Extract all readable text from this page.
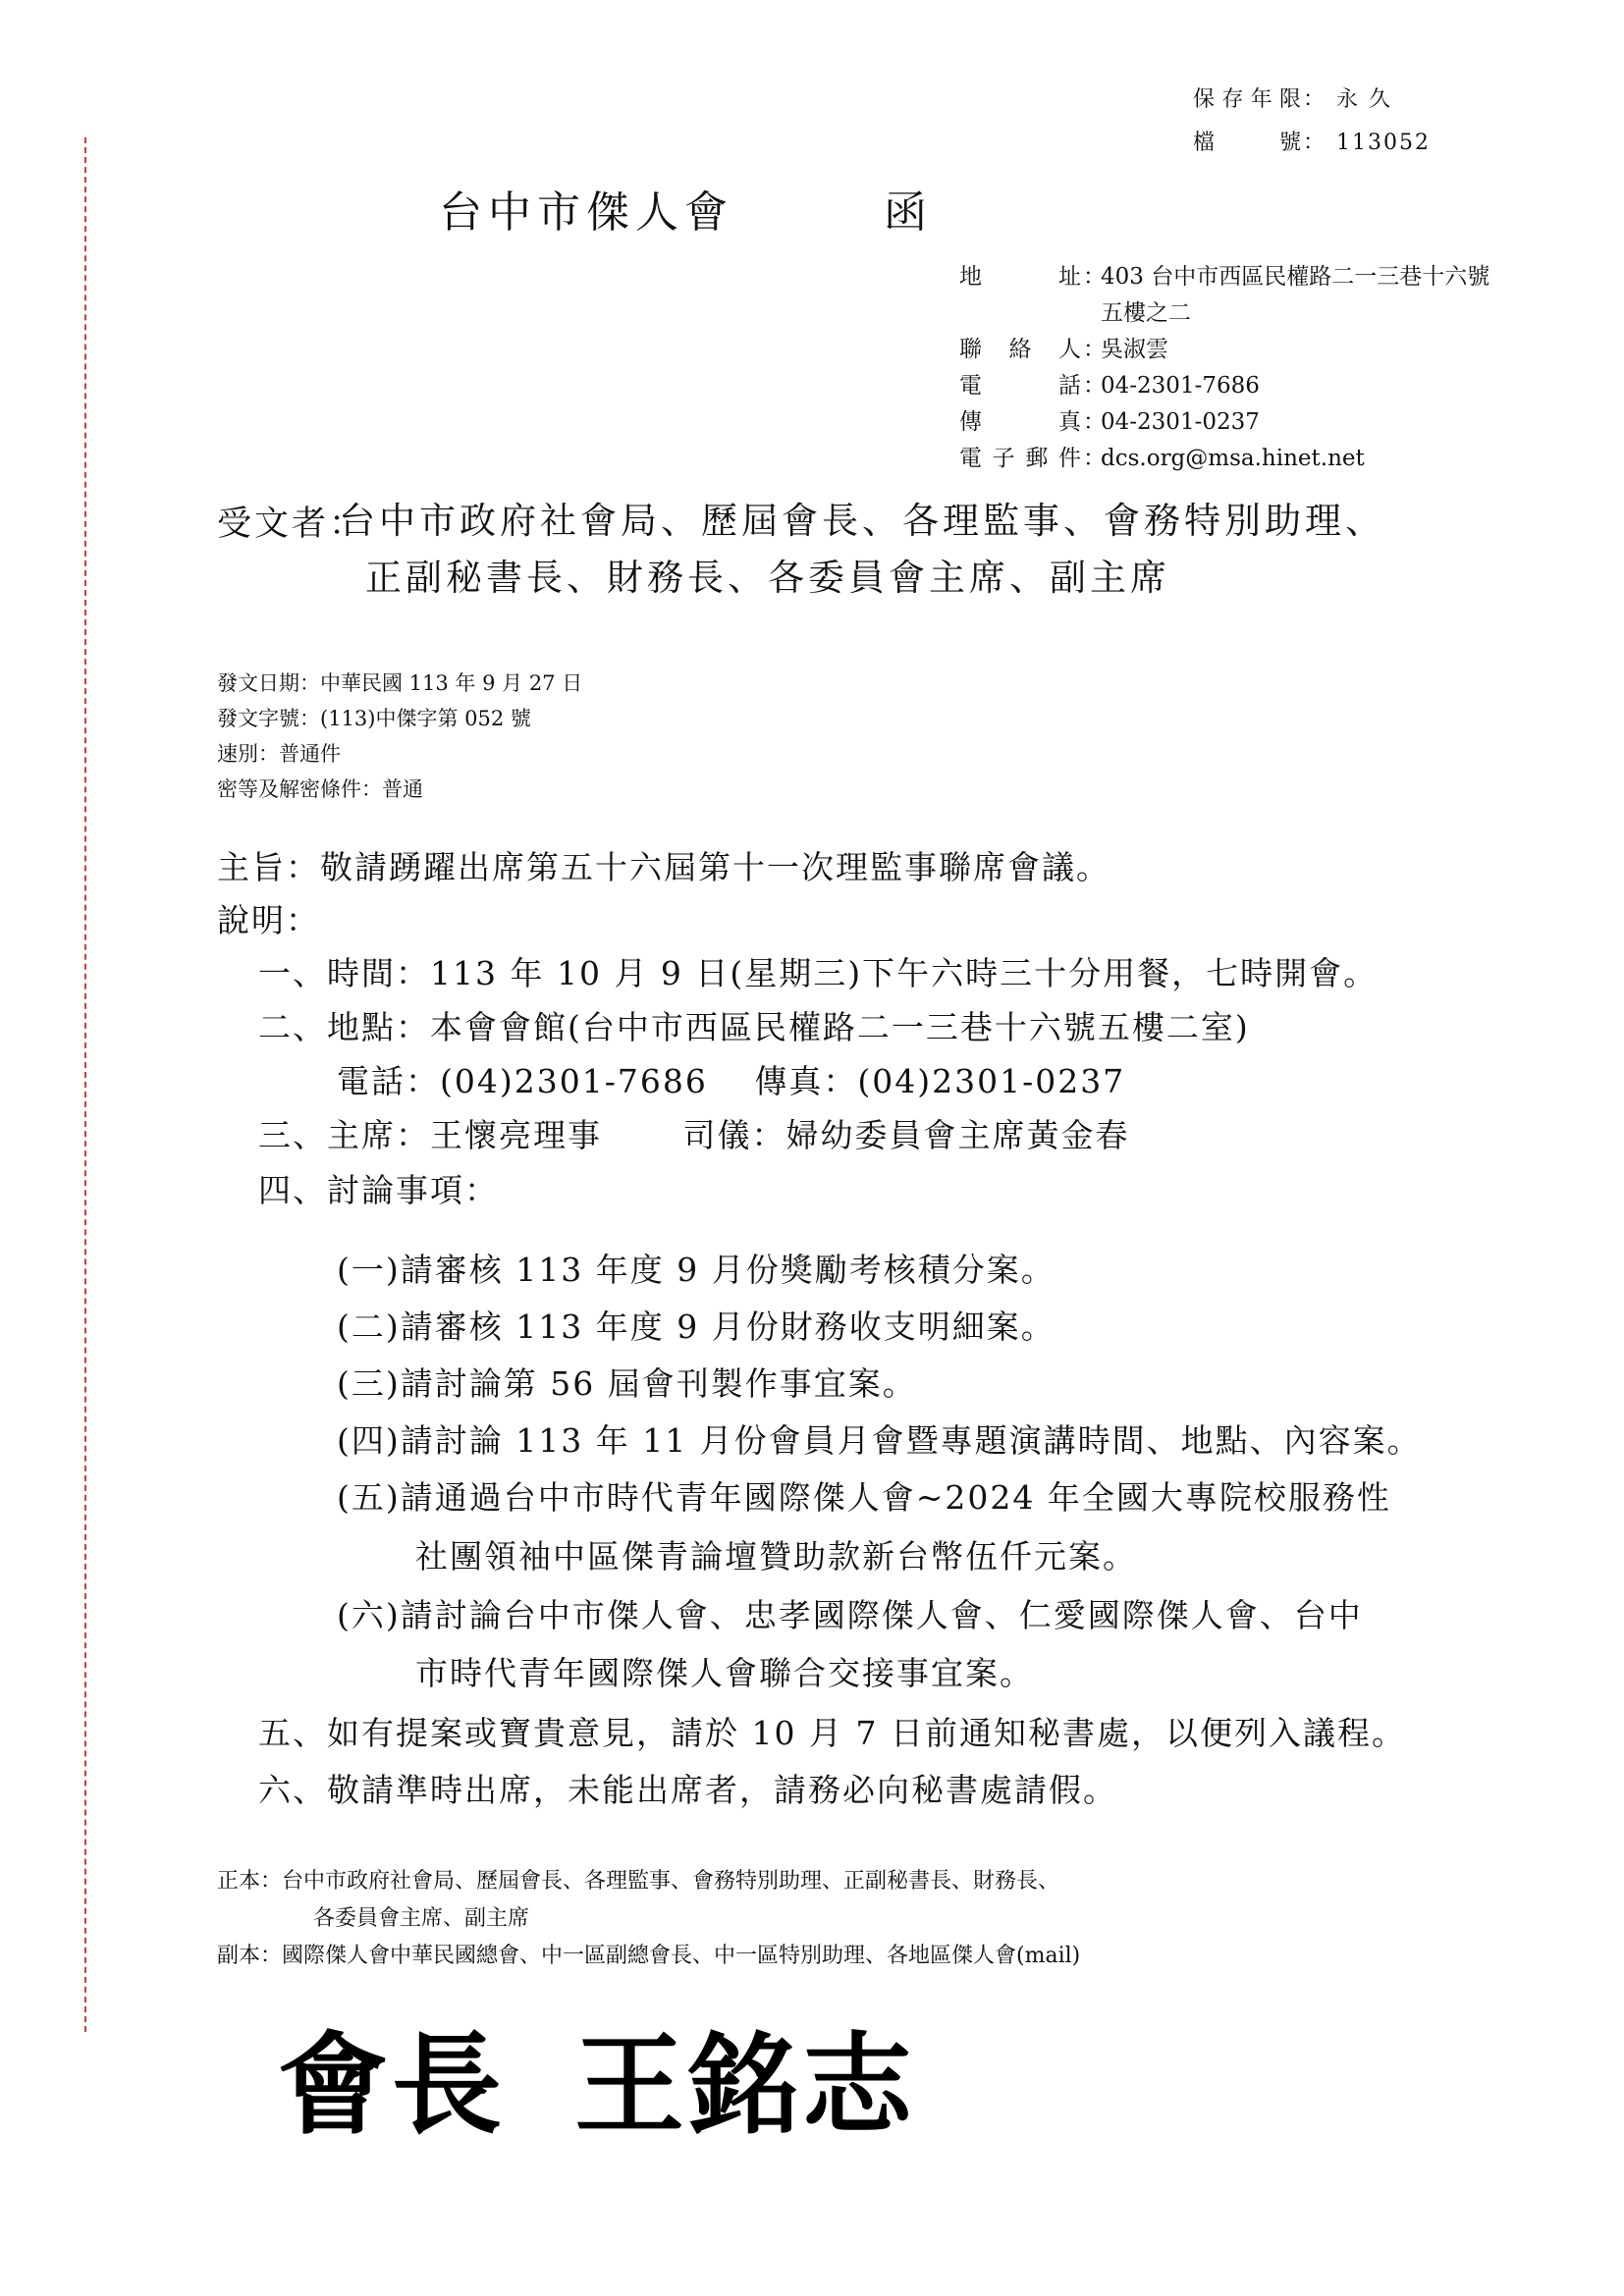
保存年限 ： 永 久
檔 號 ： 113052
台中市傑人會	函
地 址 ：
403 台中市西區民權路二一三巷十六號
五樓之二
聯 絡 人 ：
吳淑雲
電 話 ：
04-2301-7686
傳 真 ：
04-2301-0237
電子郵件 ：
dcs.org@msa.hinet.net
受文者：
台中市政府社會局、歷屆會長、各理監事、會務特別助理、
正副秘書長、財務長、各委員會主席、副主席
發文日期：中華民國 113 年 9 月 27 日
發文字號：(113)中傑字第 052 號
速別：普通件
密等及解密條件：普通
主旨：敬請踴躍出席第五十六屆第十一次理監事聯席會議。
說明：
一、時間：113 年 10 月 9 日(星期三)下午六時三十分用餐，七時開會。
二、地點：本會會館(台中市西區民權路二一三巷十六號五樓二室)
電話：(04)2301-7686　 傳真：(04)2301-0237
三、主席：王懷亮理事　　 司儀：婦幼委員會主席黃金春
四、討論事項：
(一)請審核 113 年度 9 月份獎勵考核積分案。
(二)請審核 113 年度 9 月份財務收支明細案。
(三)請討論第 56 屆會刊製作事宜案。
(四)請討論 113 年 11 月份會員月會暨專題演講時間、地點、內容案。
(五)請通過台中市時代青年國際傑人會~2024 年全國大專院校服務性
社團領袖中區傑青論壇贊助款新台幣伍仟元案。
(六)請討論台中市傑人會、忠孝國際傑人會、仁愛國際傑人會、台中
市時代青年國際傑人會聯合交接事宜案。
五、如有提案或寶貴意見，請於 10 月 7 日前通知秘書處，以便列入議程。
六、敬請準時出席，未能出席者，請務必向秘書處請假。
正本：台中市政府社會局、歷屆會長、各理監事、會務特別助理、正副秘書長、財務長、
各委員會主席、副主席
副本：國際傑人會中華民國總會、中一區副總會長、中一區特別助理、各地區傑人會(mail)
會長 王銘志
